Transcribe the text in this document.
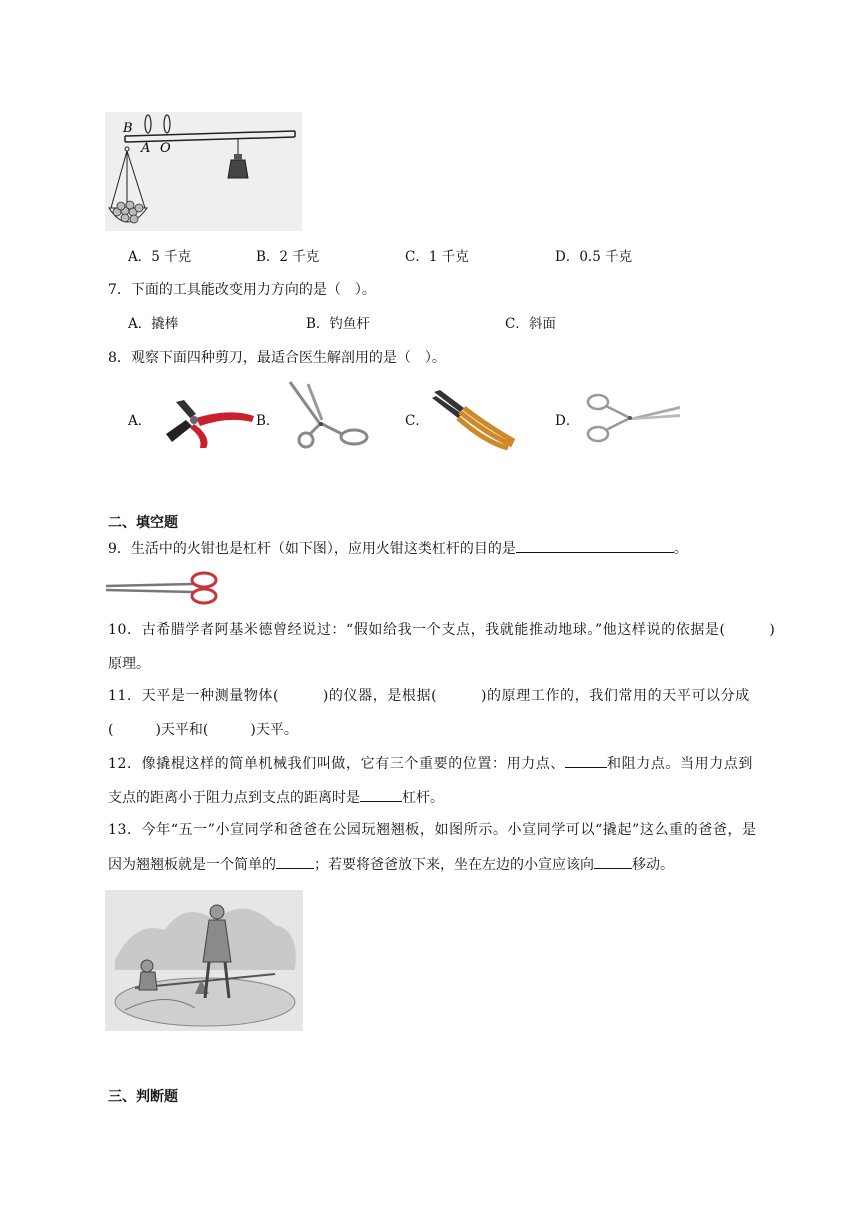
B
A O
A．5 千克	B．2 千克	C．1 千克	D．0.5 千克
7．下面的工具能改变用力方向的是（　）。
A．撬棒	B．钓鱼杆	C．斜面
8．观察下面四种剪刀，最适合医生解剖用的是（　）。
A．	B．	C．	D．
二、填空题
9．生活中的火钳也是杠杆（如下图），应用火钳这类杠杆的目的是	。
10．古希腊学者阿基米德曾经说过：“假如给我一个支点，我就能推动地球。”他这样说的依据是(　　　)
原理。
11．天平是一种测量物体(　　　)的仪器，是根据(　　　)的原理工作的，我们常用的天平可以分成
(　　　)天平和(　　　)天平。
12．像撬棍这样的简单机械我们叫做，它有三个重要的位置：用力点、	和阻力点。当用力点到
支点的距离小于阻力点到支点的距离时是	杠杆。
13．今年“五一”小宣同学和爸爸在公园玩翘翘板，如图所示。小宣同学可以“撬起”这么重的爸爸，是
因为翘翘板就是一个简单的	；若要将爸爸放下来，坐在左边的小宣应该向	移动。
三、判断题
